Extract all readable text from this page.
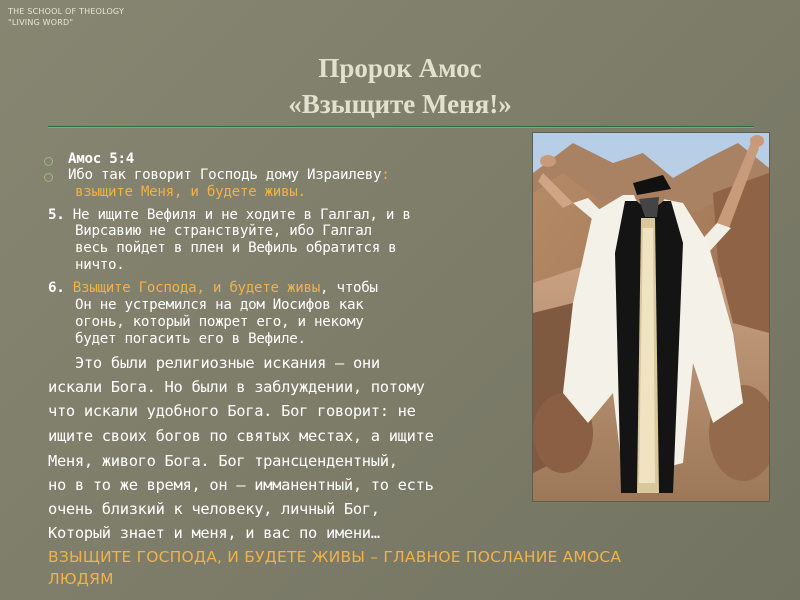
THE SCHOOL OF THEOLOGY
"LIVING WORD"
Пророк Амос
«Взыщите Меня!»
Амос 5:4
Ибо так говорит Господь дому Израилеву:
взыщите Меня, и будете живы.
5. Не ищите Вефиля и не ходите в Галгал, и в
Вирсавию не странствуйте, ибо Галгал
весь пойдет в плен и Вефиль обратится в
ничто.
6. Взыщите Господа, и будете живы, чтобы
Он не устремился на дом Иосифов как
огонь, который пожрет его, и некому
будет погасить его в Вефиле.
Это были религиозные искания – они
искали Бога. Но были в заблуждении, потому
что искали удобного Бога. Бог говорит: не
ищите своих богов по святых местах, а ищите
Меня, живого Бога. Бог трансцендентный,
но в то же время, он – имманентный, то есть
очень близкий к человеку, личный Бог,
Который знает и меня, и вас по имени…
ВЗЫЩИТЕ ГОСПОДА, И БУДЕТЕ ЖИВЫ – ГЛАВНОЕ ПОСЛАНИЕ АМОСА
ЛЮДЯМ
